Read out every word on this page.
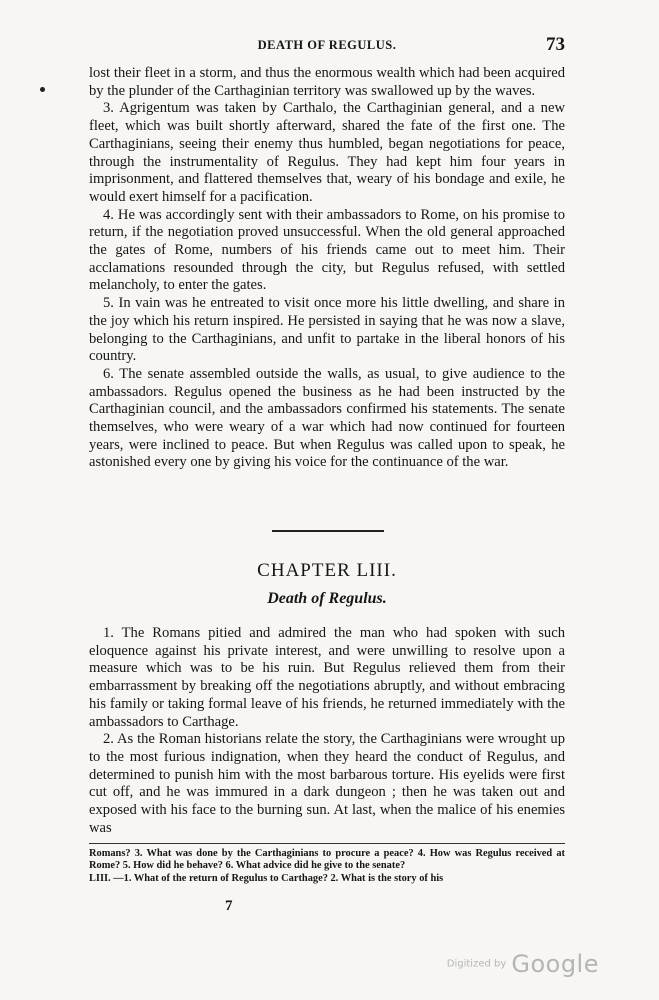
DEATH OF REGULUS.	73

lost their fleet in a storm, and thus the enormous wealth which had been acquired by the plunder of the Carthaginian territory was swallowed up by the waves.

3. Agrigentum was taken by Carthalo, the Carthaginian general, and a new fleet, which was built shortly afterward, shared the fate of the first one. The Carthaginians, seeing their enemy thus humbled, began negotiations for peace, through the instrumentality of Regulus. They had kept him four years in imprisonment, and flattered themselves that, weary of his bondage and exile, he would exert himself for a pacification.

4. He was accordingly sent with their ambassadors to Rome, on his promise to return, if the negotiation proved unsuccessful. When the old general approached the gates of Rome, numbers of his friends came out to meet him. Their acclamations resounded through the city, but Regulus refused, with settled melancholy, to enter the gates.

5. In vain was he entreated to visit once more his little dwelling, and share in the joy which his return inspired. He persisted in saying that he was now a slave, belonging to the Carthaginians, and unfit to partake in the liberal honors of his country.

6. The senate assembled outside the walls, as usual, to give audience to the ambassadors. Regulus opened the business as he had been instructed by the Carthaginian council, and the ambassadors confirmed his statements. The senate themselves, who were weary of a war which had now continued for fourteen years, were inclined to peace. But when Regulus was called upon to speak, he astonished every one by giving his voice for the continuance of the war.

CHAPTER LIII.
Death of Regulus.

1. The Romans pitied and admired the man who had spoken with such eloquence against his private interest, and were unwilling to resolve upon a measure which was to be his ruin. But Regulus relieved them from their embarrassment by breaking off the negotiations abruptly, and without embracing his family or taking formal leave of his friends, he returned immediately with the ambassadors to Carthage.

2. As the Roman historians relate the story, the Carthaginians were wrought up to the most furious indignation, when they heard the conduct of Regulus, and determined to punish him with the most barbarous torture. His eyelids were first cut off, and he was immured in a dark dungeon ; then he was taken out and exposed with his face to the burning sun. At last, when the malice of his enemies was

Romans? 3. What was done by the Carthaginians to procure a peace? 4. How was Regulus received at Rome? 5. How did he behave? 6. What advice did he give to the senate?

LIII. —1. What of the return of Regulus to Carthage? 2. What is the story of his

7
Digitized by Google
